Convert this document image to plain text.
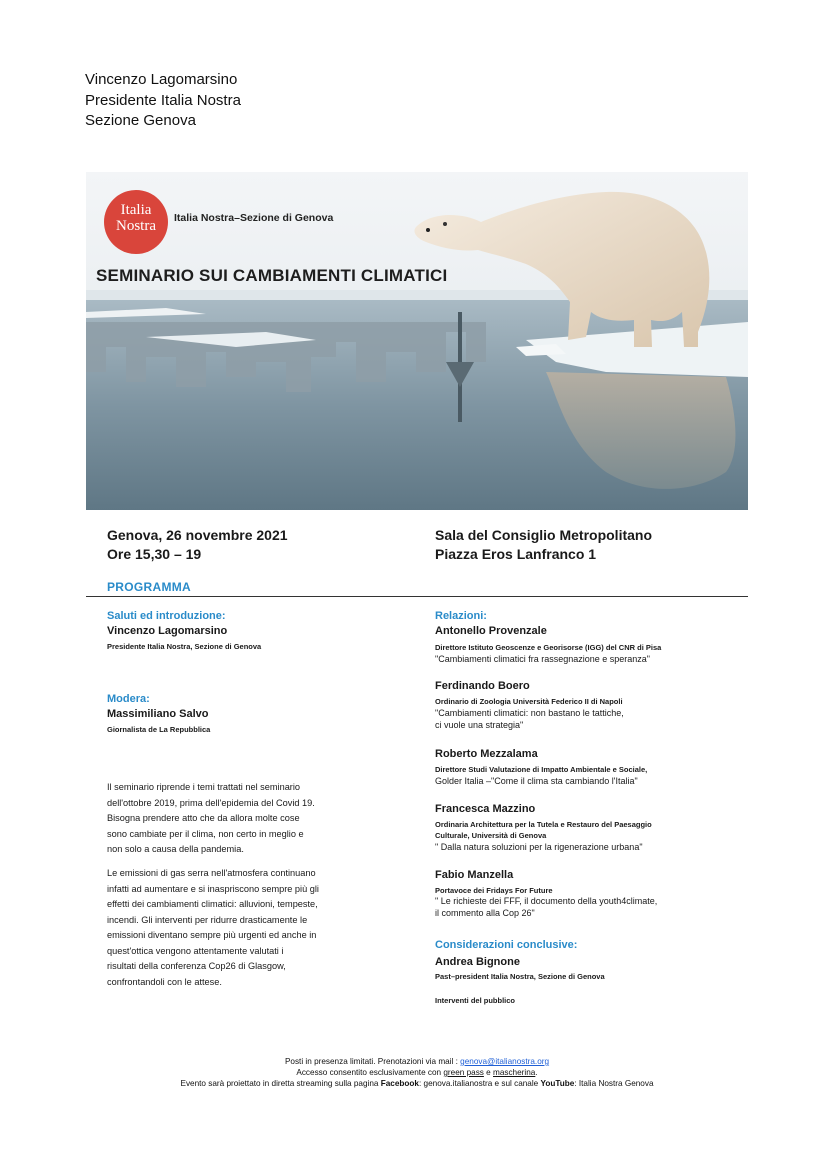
Vincenzo Lagomarsino
Presidente Italia Nostra
Sezione Genova
Italia
Nostra	Italia Nostra–Sezione di Genova
SEMINARIO SUI CAMBIAMENTI CLIMATICI
Genova, 26 novembre 2021
Ore 15,30 – 19
Sala del Consiglio Metropolitano
Piazza Eros Lanfranco 1
PROGRAMMA
Saluti ed introduzione:
Vincenzo Lagomarsino
Presidente Italia Nostra, Sezione di Genova
Modera:
Massimiliano Salvo
Giornalista de La Repubblica
Il seminario riprende i temi trattati nel seminario
dell'ottobre 2019, prima dell'epidemia del Covid 19.
Bisogna prendere atto che da allora molte cose
sono cambiate per il clima, non certo in meglio e
non solo a causa della pandemia.
Le emissioni di gas serra nell'atmosfera continuano
infatti ad aumentare e si inaspriscono sempre più gli
effetti dei cambiamenti climatici: alluvioni, tempeste,
incendi. Gli interventi per ridurre drasticamente le
emissioni diventano sempre più urgenti ed anche in
quest'ottica vengono attentamente valutati i
risultati della conferenza Cop26 di Glasgow,
confrontandoli con le attese.
Relazioni:
Antonello Provenzale
Direttore Istituto Geoscenze e Georisorse (IGG) del CNR di Pisa
"Cambiamenti climatici fra rassegnazione e speranza"
Ferdinando Boero
Ordinario di Zoologia Università Federico II di Napoli
"Cambiamenti climatici: non bastano le tattiche,
ci vuole una strategia"
Roberto Mezzalama
Direttore Studi Valutazione di Impatto Ambientale e Sociale,
Golder Italia –"Come il clima sta cambiando l'Italia"
Francesca Mazzino
Ordinaria Architettura per la Tutela e Restauro del Paesaggio
Culturale, Università di Genova
" Dalla natura soluzioni per la rigenerazione urbana"
Fabio Manzella
Portavoce dei Fridays For Future
" Le richieste dei FFF, il documento della youth4climate,
il commento alla Cop 26"
Considerazioni conclusive:
Andrea Bignone
Past–president Italia Nostra, Sezione di Genova
Interventi del pubblico
Posti in presenza limitati. Prenotazioni via mail : genova@italianostra.org
Accesso consentito esclusivamente con green pass e mascherina.
Evento sarà proiettato in diretta streaming sulla pagina Facebook: genova.italianostra e sul canale YouTube: Italia Nostra Genova
